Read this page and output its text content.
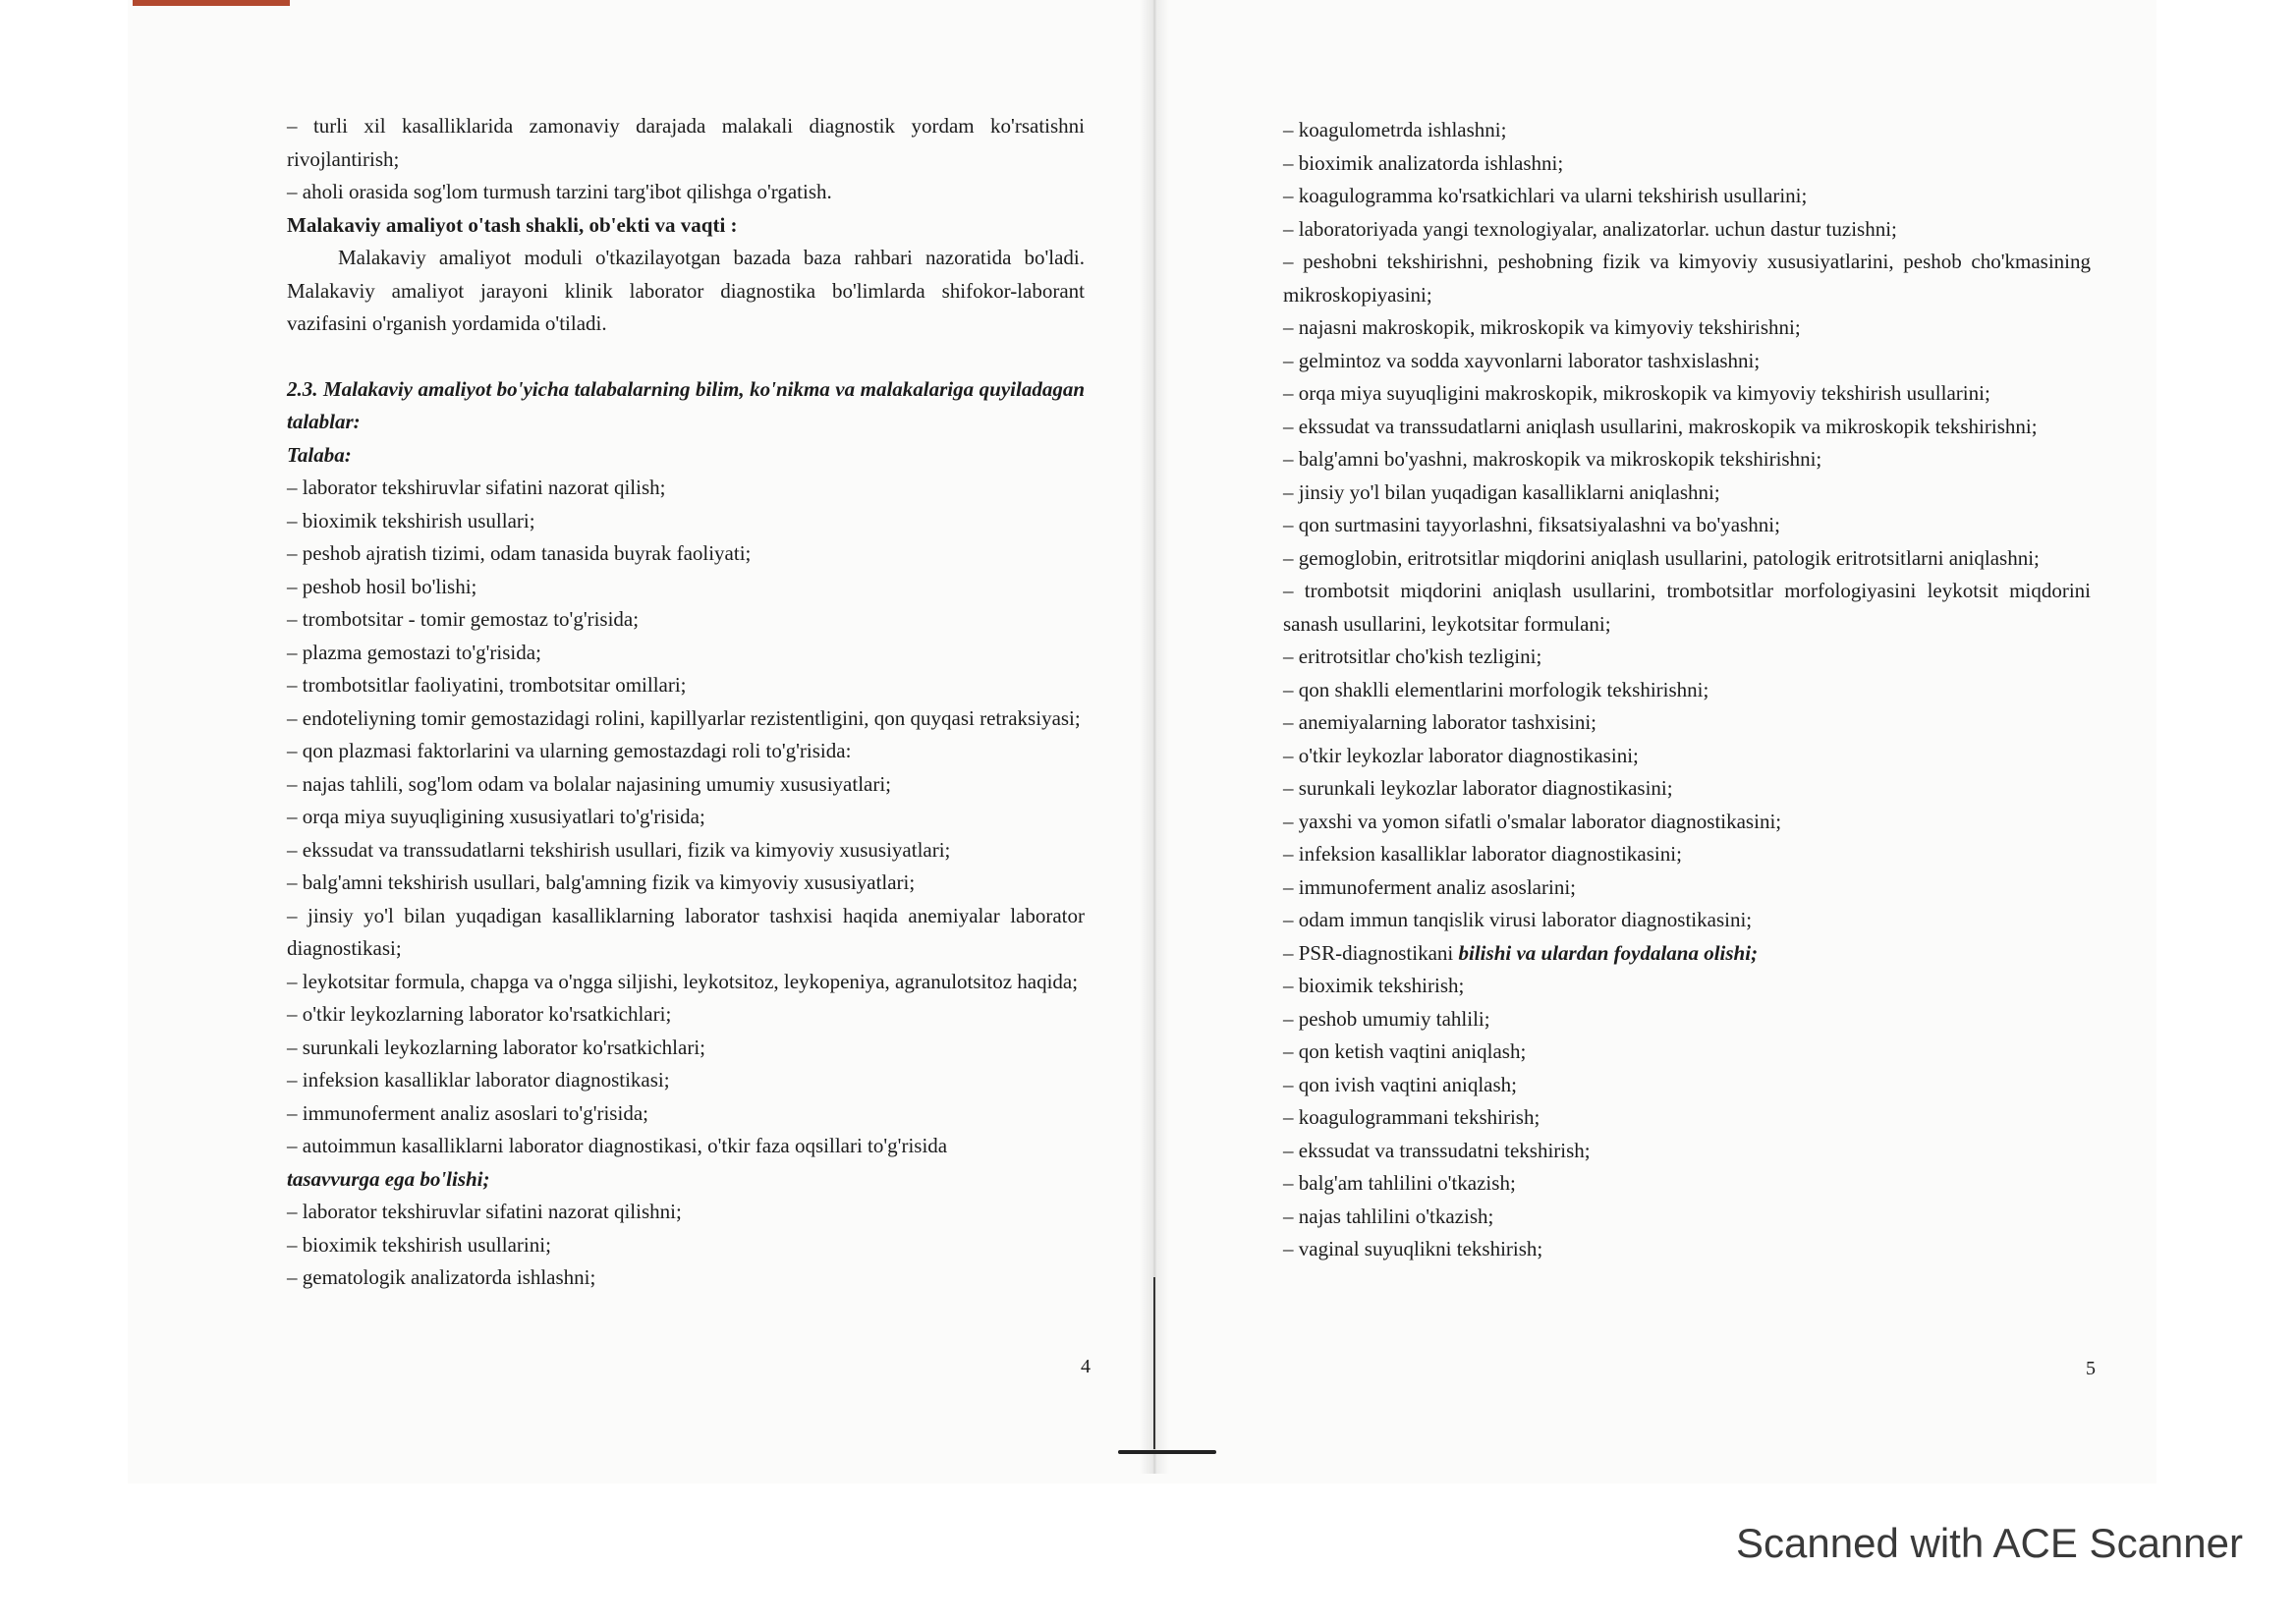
– turli xil kasalliklarida zamonaviy darajada malakali diagnostik yordam ko'rsatishni rivojlantirish;

– aholi orasida sog'lom turmush tarzini targ'ibot qilishga o'rgatish.

Malakaviy amaliyot o'tash shakli, ob'ekti va vaqti :

Malakaviy amaliyot moduli o'tkazilayotgan bazada baza rahbari nazoratida bo'ladi. Malakaviy amaliyot jarayoni klinik laborator diagnostika bo'limlarda shifokor-laborant vazifasini o'rganish yordamida o'tiladi.

2.3. Malakaviy amaliyot bo'yicha talabalarning bilim, ko'nikma va malakalariga quyiladagan talablar:

Talaba:

– laborator tekshiruvlar sifatini nazorat qilish;

– bioximik tekshirish usullari;

– peshob ajratish tizimi, odam tanasida buyrak faoliyati;

– peshob hosil bo'lishi;

– trombotsitar - tomir gemostaz to'g'risida;

– plazma gemostazi to'g'risida;

– trombotsitlar faoliyatini, trombotsitar omillari;

– endoteliyning tomir gemostazidagi rolini, kapillyarlar rezistentligini, qon quyqasi retraksiyasi;

– qon plazmasi faktorlarini va ularning gemostazdagi roli to'g'risida:

– najas tahlili, sog'lom odam va bolalar najasining umumiy xususiyatlari;

– orqa miya suyuqligining xususiyatlari to'g'risida;

– ekssudat va transsudatlarni tekshirish usullari, fizik va kimyoviy xususiyatlari;

– balg'amni tekshirish usullari, balg'amning fizik va kimyoviy xususiyatlari;

– jinsiy yo'l bilan yuqadigan kasalliklarning laborator tashxisi haqida anemiyalar laborator diagnostikasi;

– leykotsitar formula, chapga va o'ngga siljishi, leykotsitoz, leykopeniya, agranulotsitoz haqida;

– o'tkir leykozlarning laborator ko'rsatkichlari;

– surunkali leykozlarning laborator ko'rsatkichlari;

– infeksion kasalliklar laborator diagnostikasi;

– immunoferment analiz asoslari to'g'risida;

– autoimmun kasalliklarni laborator diagnostikasi, o'tkir faza oqsillari to'g'risida

tasavvurga ega bo'lishi;

– laborator tekshiruvlar sifatini nazorat qilishni;

– bioximik tekshirish usullarini;

– gematologik analizatorda ishlashni;

4

– koagulometrda ishlashni;

– bioximik analizatorda ishlashni;

– koagulogramma ko'rsatkichlari va ularni tekshirish usullarini;

– laboratoriyada yangi texnologiyalar, analizatorlar. uchun dastur tuzishni;

– peshobni tekshirishni, peshobning fizik va kimyoviy xususiyatlarini, peshob cho'kmasining mikroskopiyasini;

– najasni makroskopik, mikroskopik va kimyoviy tekshirishni;

– gelmintoz va sodda xayvonlarni laborator tashxislashni;

– orqa miya suyuqligini makroskopik, mikroskopik va kimyoviy tekshirish usullarini;

– ekssudat va transsudatlarni aniqlash usullarini, makroskopik va mikroskopik tekshirishni;

– balg'amni bo'yashni, makroskopik va mikroskopik tekshirishni;

– jinsiy yo'l bilan yuqadigan kasalliklarni aniqlashni;

– qon surtmasini tayyorlashni, fiksatsiyalashni va bo'yashni;

– gemoglobin, eritrotsitlar miqdorini aniqlash usullarini, patologik eritrotsitlarni aniqlashni;

– trombotsit miqdorini aniqlash usullarini, trombotsitlar morfologiyasini leykotsit miqdorini sanash usullarini, leykotsitar formulani;

– eritrotsitlar cho'kish tezligini;

– qon shaklli elementlarini morfologik tekshirishni;

– anemiyalarning laborator tashxisini;

– o'tkir leykozlar laborator diagnostikasini;

– surunkali leykozlar laborator diagnostikasini;

– yaxshi va yomon sifatli o'smalar laborator diagnostikasini;

– infeksion kasalliklar laborator diagnostikasini;

– immunoferment analiz asoslarini;

– odam immun tanqislik virusi laborator diagnostikasini;

– PSR-diagnostikani bilishi va ulardan foydalana olishi;

– bioximik tekshirish;

– peshob umumiy tahlili;

– qon ketish vaqtini aniqlash;

– qon ivish vaqtini aniqlash;

– koagulogrammani tekshirish;

– ekssudat va transsudatni tekshirish;

– balg'am tahlilini o'tkazish;

– najas tahlilini o'tkazish;

– vaginal suyuqlikni tekshirish;

5
Scanned with ACE Scanner
